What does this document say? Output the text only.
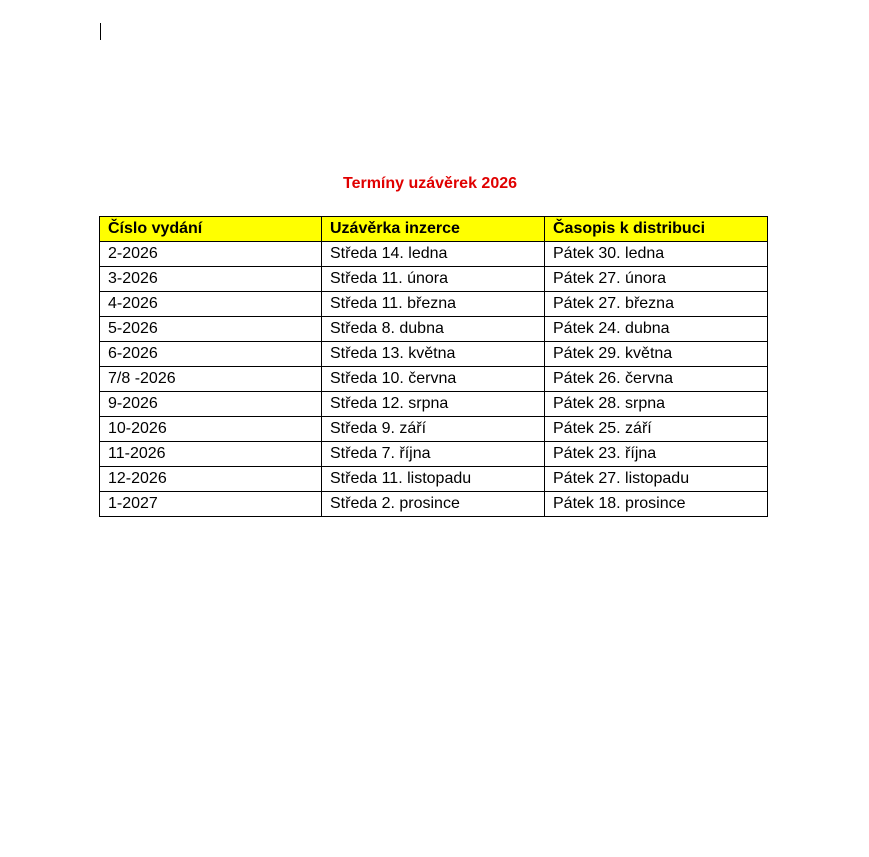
Termíny uzávěrek 2026
Číslo vydání	Uzávěrka inzerce	Časopis k distribuci
2-2026	Středa 14. ledna	Pátek 30. ledna
3-2026	Středa 11. února	Pátek 27. února
4-2026	Středa 11. března	Pátek 27. března
5-2026	Středa 8. dubna	Pátek 24. dubna
6-2026	Středa 13. května	Pátek 29. května
7/8 -2026	Středa 10. června	Pátek 26. června
9-2026	Středa 12. srpna	Pátek 28. srpna
10-2026	Středa 9. září	Pátek 25. září
11-2026	Středa 7. října	Pátek 23. října
12-2026	Středa 11. listopadu	Pátek 27. listopadu
1-2027	Středa 2. prosince	Pátek 18. prosince
